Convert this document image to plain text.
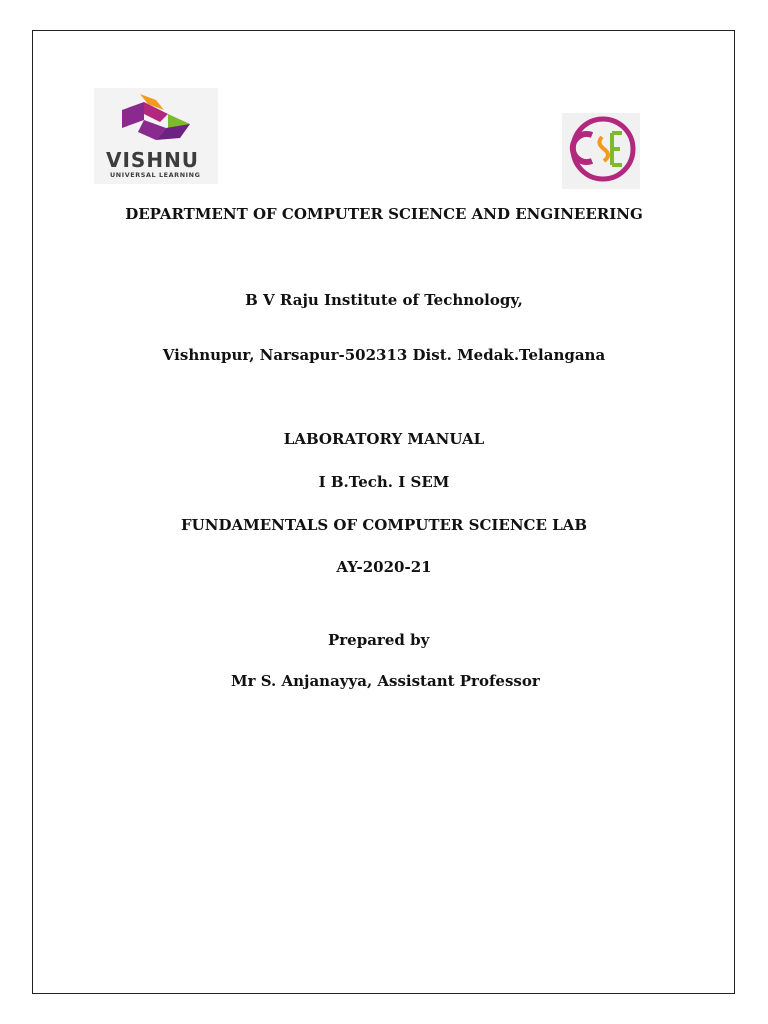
VISHNU
UNIVERSAL LEARNING
DEPARTMENT OF COMPUTER SCIENCE AND ENGINEERING
B V Raju Institute of Technology,
Vishnupur, Narsapur-502313 Dist. Medak.Telangana
LABORATORY MANUAL
I B.Tech. I SEM
FUNDAMENTALS OF COMPUTER SCIENCE LAB
AY-2020-21
Prepared by
Mr S. Anjanayya, Assistant Professor
